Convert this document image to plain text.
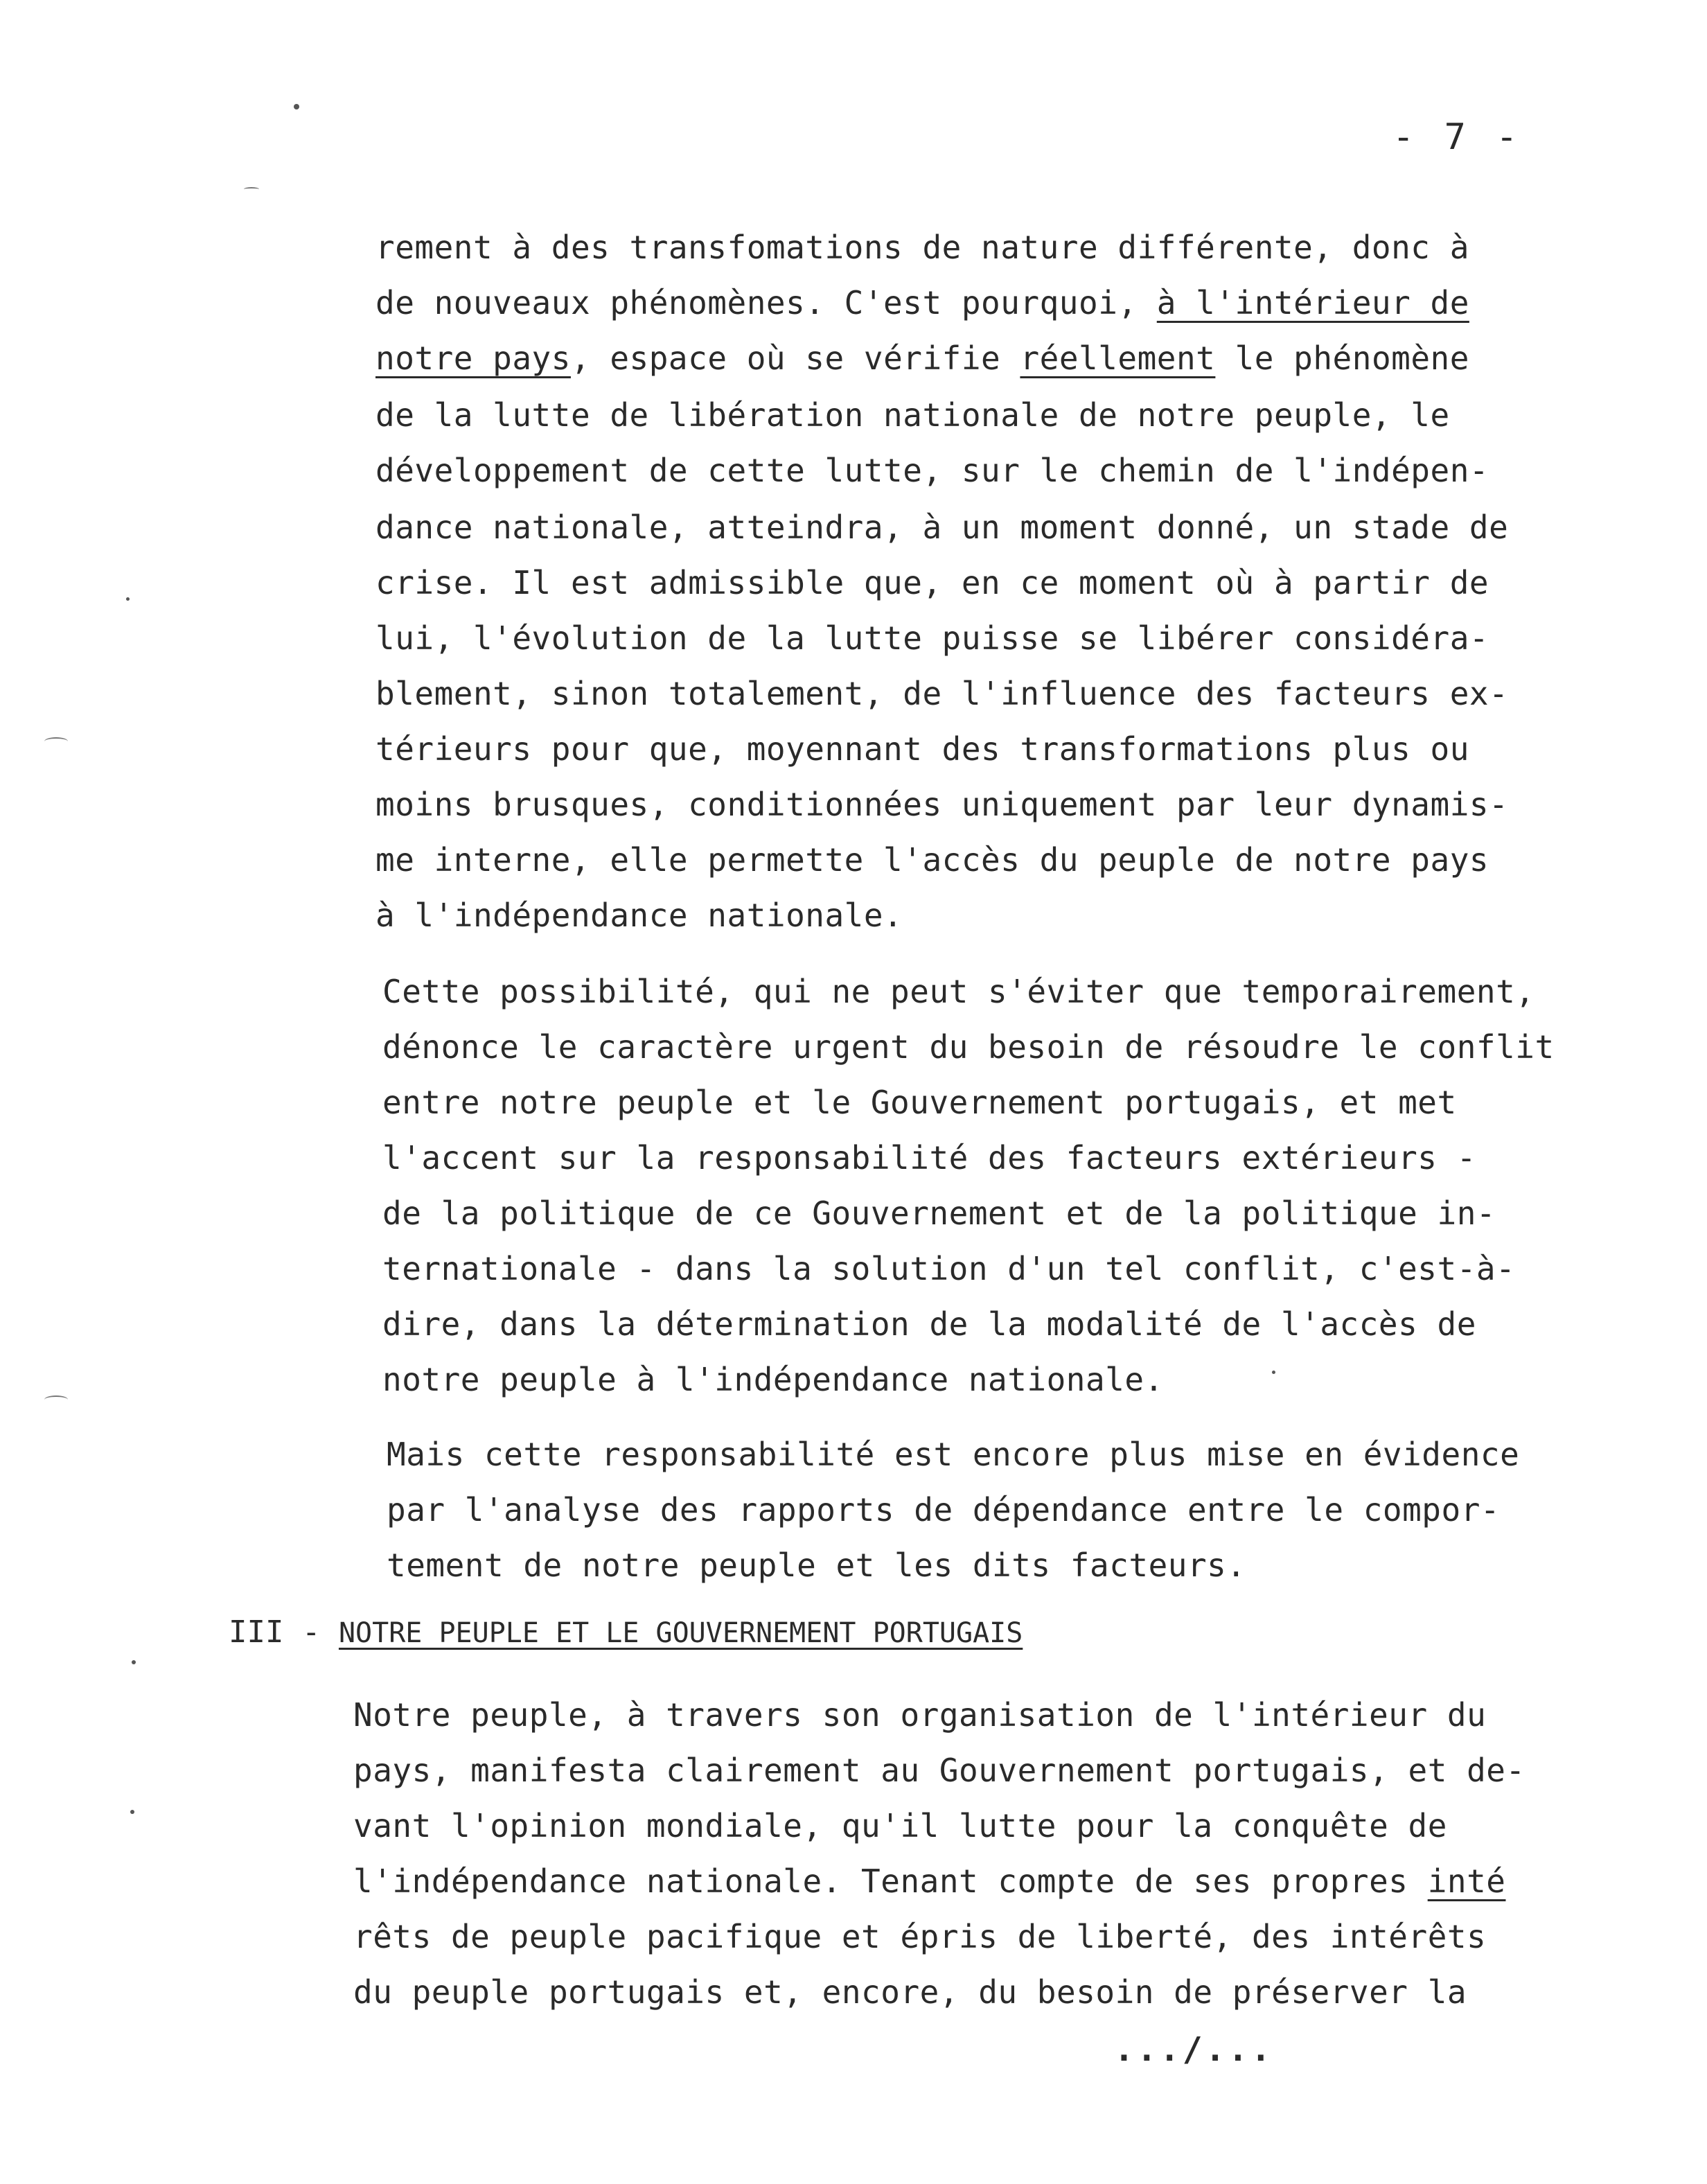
- 7 -
rement à des transfomations de nature différente, donc à
de nouveaux phénomènes. C'est pourquoi, à l'intérieur de
notre pays, espace où se vérifie réellement le phénomène
de la lutte de libération nationale de notre peuple, le
développement de cette lutte, sur le chemin de l'indépen-
dance nationale, atteindra, à un moment donné, un stade de
crise. Il est admissible que, en ce moment où à partir de
lui, l'évolution de la lutte puisse se libérer considéra-
blement, sinon totalement, de l'influence des facteurs ex-
térieurs pour que, moyennant des transformations plus ou
moins brusques, conditionnées uniquement par leur dynamis-
me interne, elle permette l'accès du peuple de notre pays
à l'indépendance nationale.
Cette possibilité, qui ne peut s'éviter que temporairement,
dénonce le caractère urgent du besoin de résoudre le conflit
entre notre peuple et le Gouvernement portugais, et met
l'accent sur la responsabilité des facteurs extérieurs -
de la politique de ce Gouvernement et de la politique in-
ternationale - dans la solution d'un tel conflit, c'est-à-
dire, dans la détermination de la modalité de l'accès de
notre peuple à l'indépendance nationale.
Mais cette responsabilité est encore plus mise en évidence
par l'analyse des rapports de dépendance entre le compor-
tement de notre peuple et les dits facteurs.
III - NOTRE PEUPLE ET LE GOUVERNEMENT PORTUGAIS
Notre peuple, à travers son organisation de l'intérieur du
pays, manifesta clairement au Gouvernement portugais, et de-
vant l'opinion mondiale, qu'il lutte pour la conquête de
l'indépendance nationale. Tenant compte de ses propres inté
rêts de peuple pacifique et épris de liberté, des intérêts
du peuple portugais et, encore, du besoin de préserver la
.../...
